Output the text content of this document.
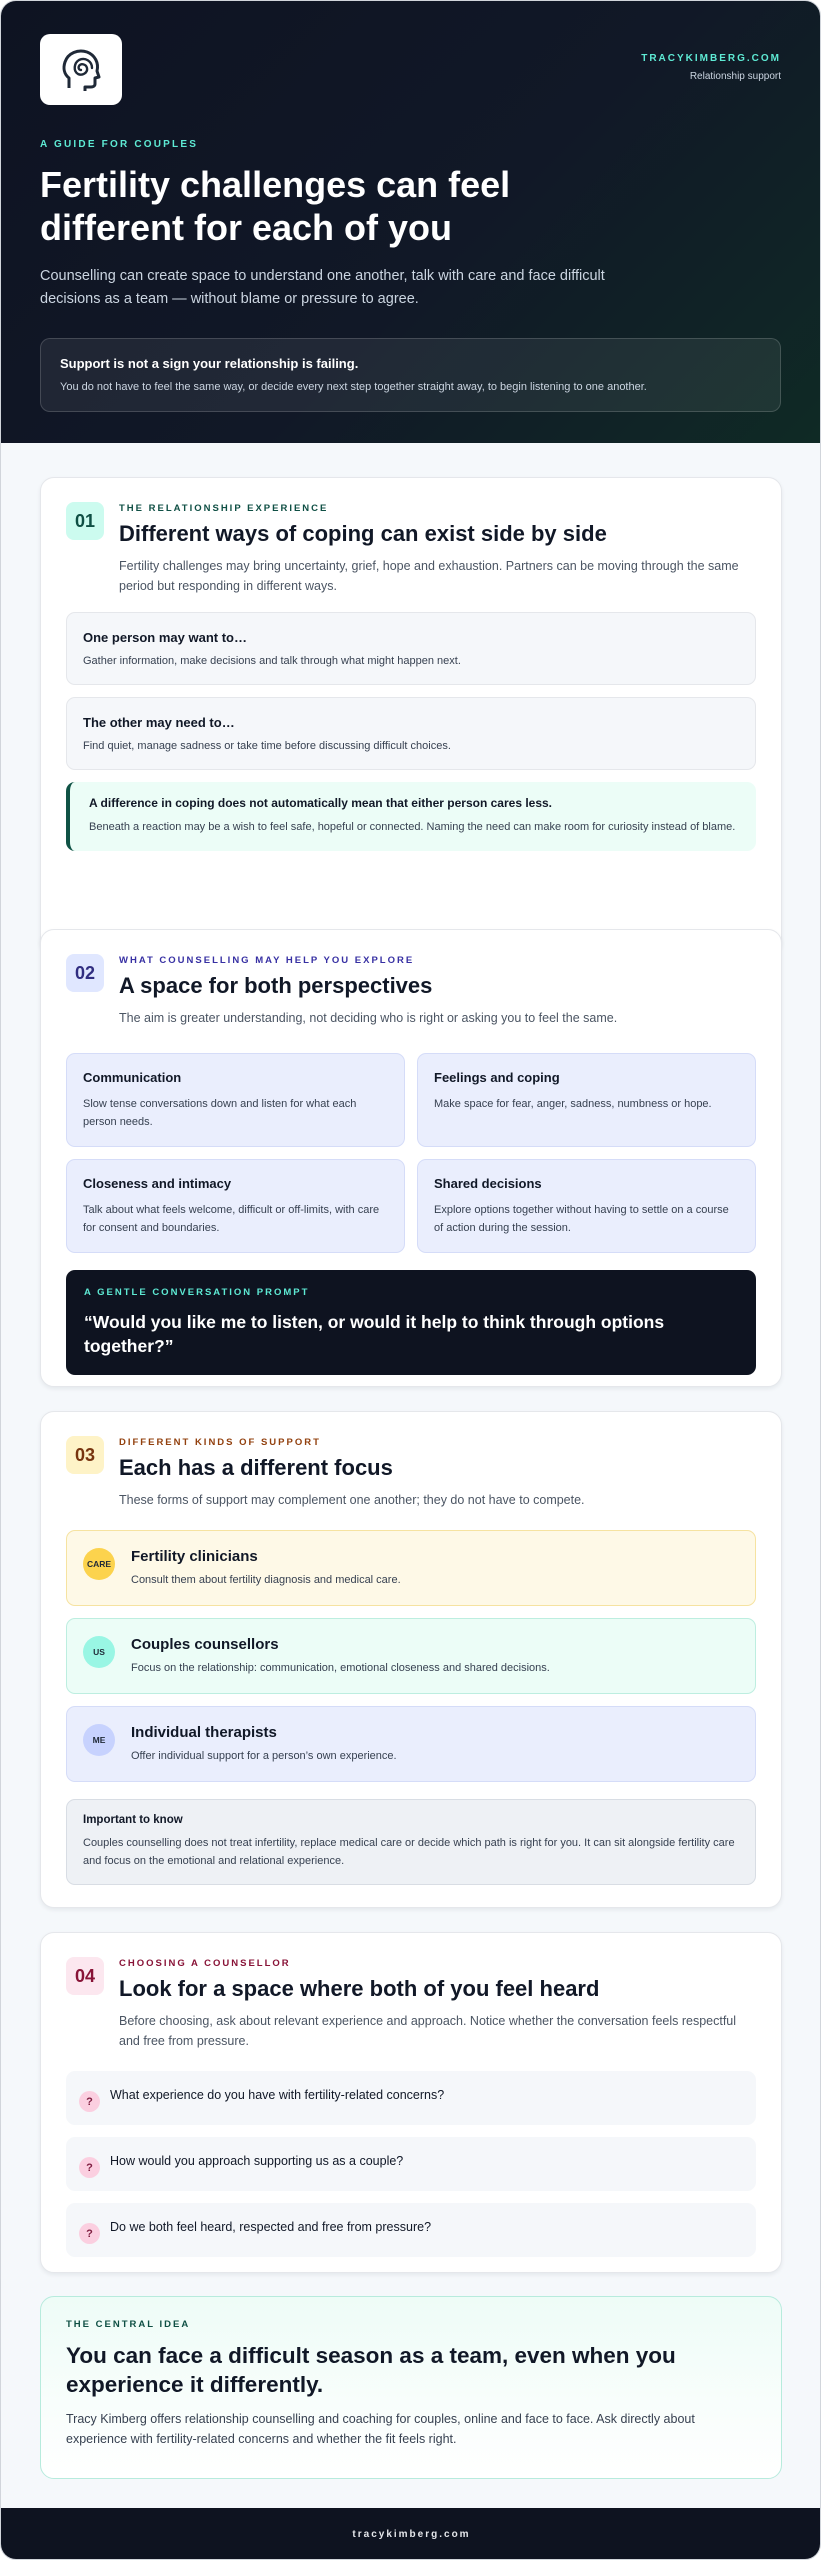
TRACYKIMBERG.COM
Relationship support
A GUIDE FOR COUPLES
Fertility challenges can feel different for each of you

Counselling can create space to understand one another, talk with care and face difficult decisions as a team — without blame or pressure to agree.

Support is not a sign your relationship is failing.
You do not have to feel the same way, or decide every next step together straight away, to begin listening to one another.
01
THE RELATIONSHIP EXPERIENCE
Different ways of coping can exist side by side

Fertility challenges may bring uncertainty, grief, hope and exhaustion. Partners can be moving through the same period but responding in different ways.

One person may want to…
Gather information, make decisions and talk through what might happen next.
The other may need to…
Find quiet, manage sadness or take time before discussing difficult choices.
A difference in coping does not automatically mean that either person cares less.
Beneath a reaction may be a wish to feel safe, hopeful or connected. Naming the need can make room for curiosity instead of blame.
02
WHAT COUNSELLING MAY HELP YOU EXPLORE
A space for both perspectives

The aim is greater understanding, not deciding who is right or asking you to feel the same.

Communication
Slow tense conversations down and listen for what each person needs.
Feelings and coping
Make space for fear, anger, sadness, numbness or hope.
Closeness and intimacy
Talk about what feels welcome, difficult or off-limits, with care for consent and boundaries.
Shared decisions
Explore options together without having to settle on a course of action during the session.
A GENTLE CONVERSATION PROMPT
“Would you like me to listen, or would it help to think through options together?”
03
DIFFERENT KINDS OF SUPPORT
Each has a different focus

These forms of support may complement one another; they do not have to compete.

CARE Fertility clinicians
Consult them about fertility diagnosis and medical care.
US	Couples counsellors
Focus on the relationship: communication, emotional closeness and shared decisions.
ME	Individual therapists
Offer individual support for a person’s own experience.
Important to know
Couples counselling does not treat infertility, replace medical care or decide which path is right for you. It can sit alongside fertility care and focus on the emotional and relational experience.
04
CHOOSING A COUNSELLOR
Look for a space where both of you feel heard

Before choosing, ask about relevant experience and approach. Notice whether the conversation feels respectful and free from pressure.

?	What experience do you have with fertility-related concerns?
?	How would you approach supporting us as a couple?
?	Do we both feel heard, respected and free from pressure?
THE CENTRAL IDEA
You can face a difficult season as a team, even when you experience it differently.
Tracy Kimberg offers relationship counselling and coaching for couples, online and face to face. Ask directly about experience with fertility-related concerns and whether the fit feels right.
tracykimberg.com
